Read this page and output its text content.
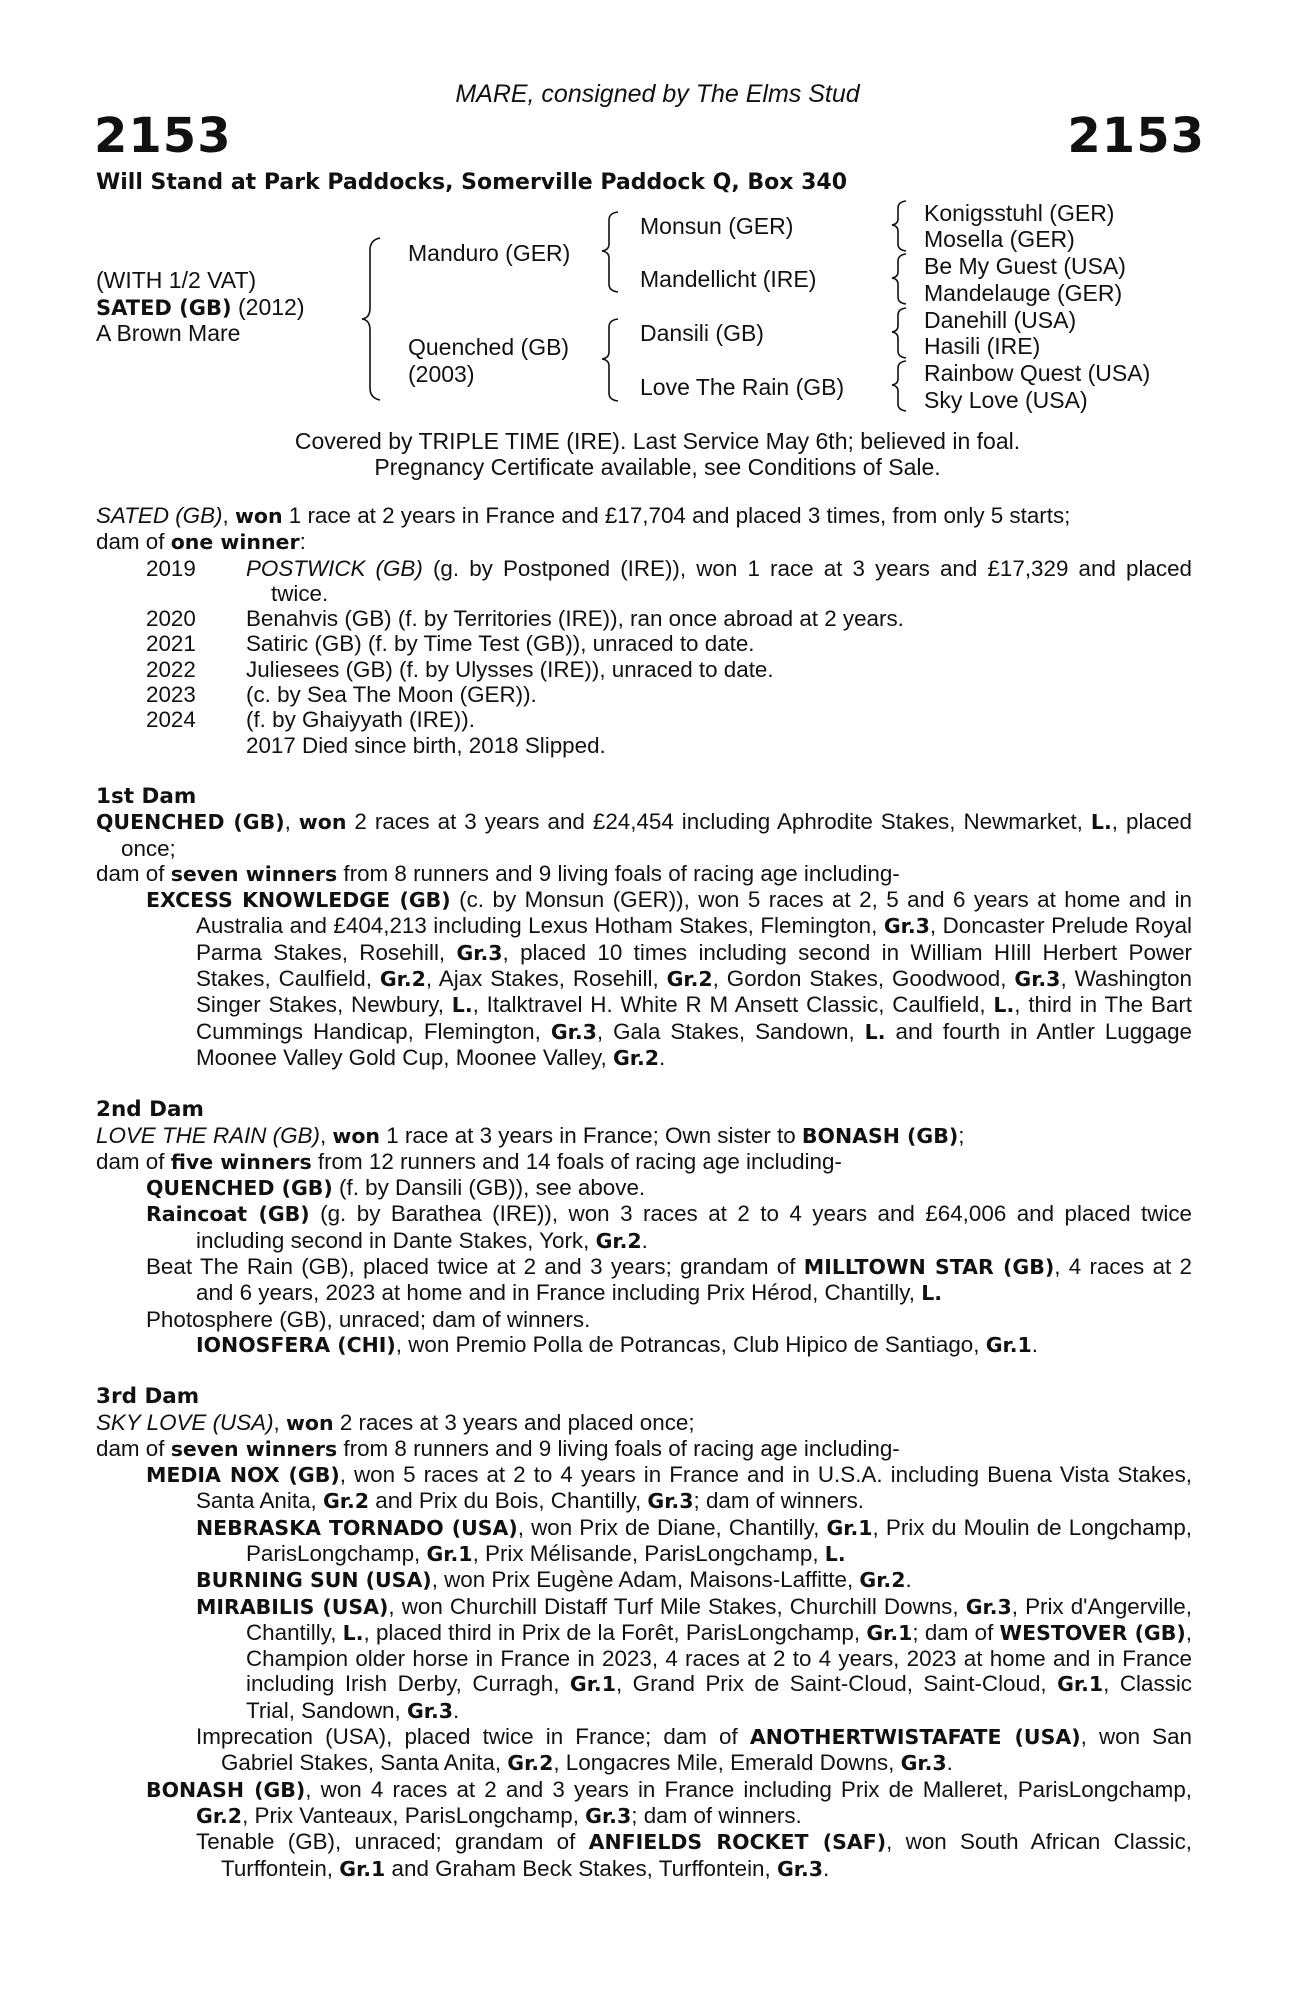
MARE, consigned by The Elms Stud
2153	2153
Will Stand at Park Paddocks, Somerville Paddock Q, Box 340
(WITH 1/2 VAT)
SATED (GB) (2012)
A Brown Mare
Manduro (GER)
Quenched (GB)
(2003)
Monsun (GER)
Mandellicht (IRE)
Dansili (GB)
Love The Rain (GB)
Konigsstuhl (GER)
Mosella (GER)
Be My Guest (USA)
Mandelauge (GER)
Danehill (USA)
Hasili (IRE)
Rainbow Quest (USA)
Sky Love (USA)
Covered by TRIPLE TIME (IRE). Last Service May 6th; believed in foal.
Pregnancy Certificate available, see Conditions of Sale.

SATED (GB), won 1 race at 2 years in France and £17,704 and placed 3 times, from only 5 starts;

dam of one winner:

2019	POSTWICK (GB) (g. by Postponed (IRE)), won 1 race at 3 years and £17,329 and placed twice.
2020	Benahvis (GB) (f. by Territories (IRE)), ran once abroad at 2 years.
2021	Satiric (GB) (f. by Time Test (GB)), unraced to date.
2022	Juliesees (GB) (f. by Ulysses (IRE)), unraced to date.
2023	(c. by Sea The Moon (GER)).
2024	(f. by Ghaiyyath (IRE)).
2017 Died since birth, 2018 Slipped.

1st Dam

QUENCHED (GB), won 2 races at 3 years and £24,454 including Aphrodite Stakes, Newmarket, L., placed once;

dam of seven winners from 8 runners and 9 living foals of racing age including-

EXCESS KNOWLEDGE (GB) (c. by Monsun (GER)), won 5 races at 2, 5 and 6 years at home and in Australia and £404,213 including Lexus Hotham Stakes, Flemington, Gr.3, Doncaster Prelude Royal Parma Stakes, Rosehill, Gr.3, placed 10 times including second in William HIill Herbert Power Stakes, Caulfield, Gr.2, Ajax Stakes, Rosehill, Gr.2, Gordon Stakes, Goodwood, Gr.3, Washington Singer Stakes, Newbury, L., Italktravel H. White R M Ansett Classic, Caulfield, L., third in The Bart Cummings Handicap, Flemington, Gr.3, Gala Stakes, Sandown, L. and fourth in Antler Luggage Moonee Valley Gold Cup, Moonee Valley, Gr.2.

2nd Dam

LOVE THE RAIN (GB), won 1 race at 3 years in France; Own sister to BONASH (GB);

dam of five winners from 12 runners and 14 foals of racing age including-

QUENCHED (GB) (f. by Dansili (GB)), see above.

Raincoat (GB) (g. by Barathea (IRE)), won 3 races at 2 to 4 years and £64,006 and placed twice including second in Dante Stakes, York, Gr.2.

Beat The Rain (GB), placed twice at 2 and 3 years; grandam of MILLTOWN STAR (GB), 4 races at 2 and 6 years, 2023 at home and in France including Prix Hérod, Chantilly, L.

Photosphere (GB), unraced; dam of winners.

IONOSFERA (CHI), won Premio Polla de Potrancas, Club Hipico de Santiago, Gr.1.

3rd Dam

SKY LOVE (USA), won 2 races at 3 years and placed once;

dam of seven winners from 8 runners and 9 living foals of racing age including-

MEDIA NOX (GB), won 5 races at 2 to 4 years in France and in U.S.A. including Buena Vista Stakes, Santa Anita, Gr.2 and Prix du Bois, Chantilly, Gr.3; dam of winners.

NEBRASKA TORNADO (USA), won Prix de Diane, Chantilly, Gr.1, Prix du Moulin de Longchamp, ParisLongchamp, Gr.1, Prix Mélisande, ParisLongchamp, L.

BURNING SUN (USA), won Prix Eugène Adam, Maisons-Laffitte, Gr.2.

MIRABILIS (USA), won Churchill Distaff Turf Mile Stakes, Churchill Downs, Gr.3, Prix d'Angerville, Chantilly, L., placed third in Prix de la Forêt, ParisLongchamp, Gr.1; dam of WESTOVER (GB), Champion older horse in France in 2023, 4 races at 2 to 4 years, 2023 at home and in France including Irish Derby, Curragh, Gr.1, Grand Prix de Saint-Cloud, Saint-Cloud, Gr.1, Classic Trial, Sandown, Gr.3.

Imprecation (USA), placed twice in France; dam of ANOTHERTWISTAFATE (USA), won San Gabriel Stakes, Santa Anita, Gr.2, Longacres Mile, Emerald Downs, Gr.3.

BONASH (GB), won 4 races at 2 and 3 years in France including Prix de Malleret, ParisLongchamp, Gr.2, Prix Vanteaux, ParisLongchamp, Gr.3; dam of winners.

Tenable (GB), unraced; grandam of ANFIELDS ROCKET (SAF), won South African Classic, Turffontein, Gr.1 and Graham Beck Stakes, Turffontein, Gr.3.
